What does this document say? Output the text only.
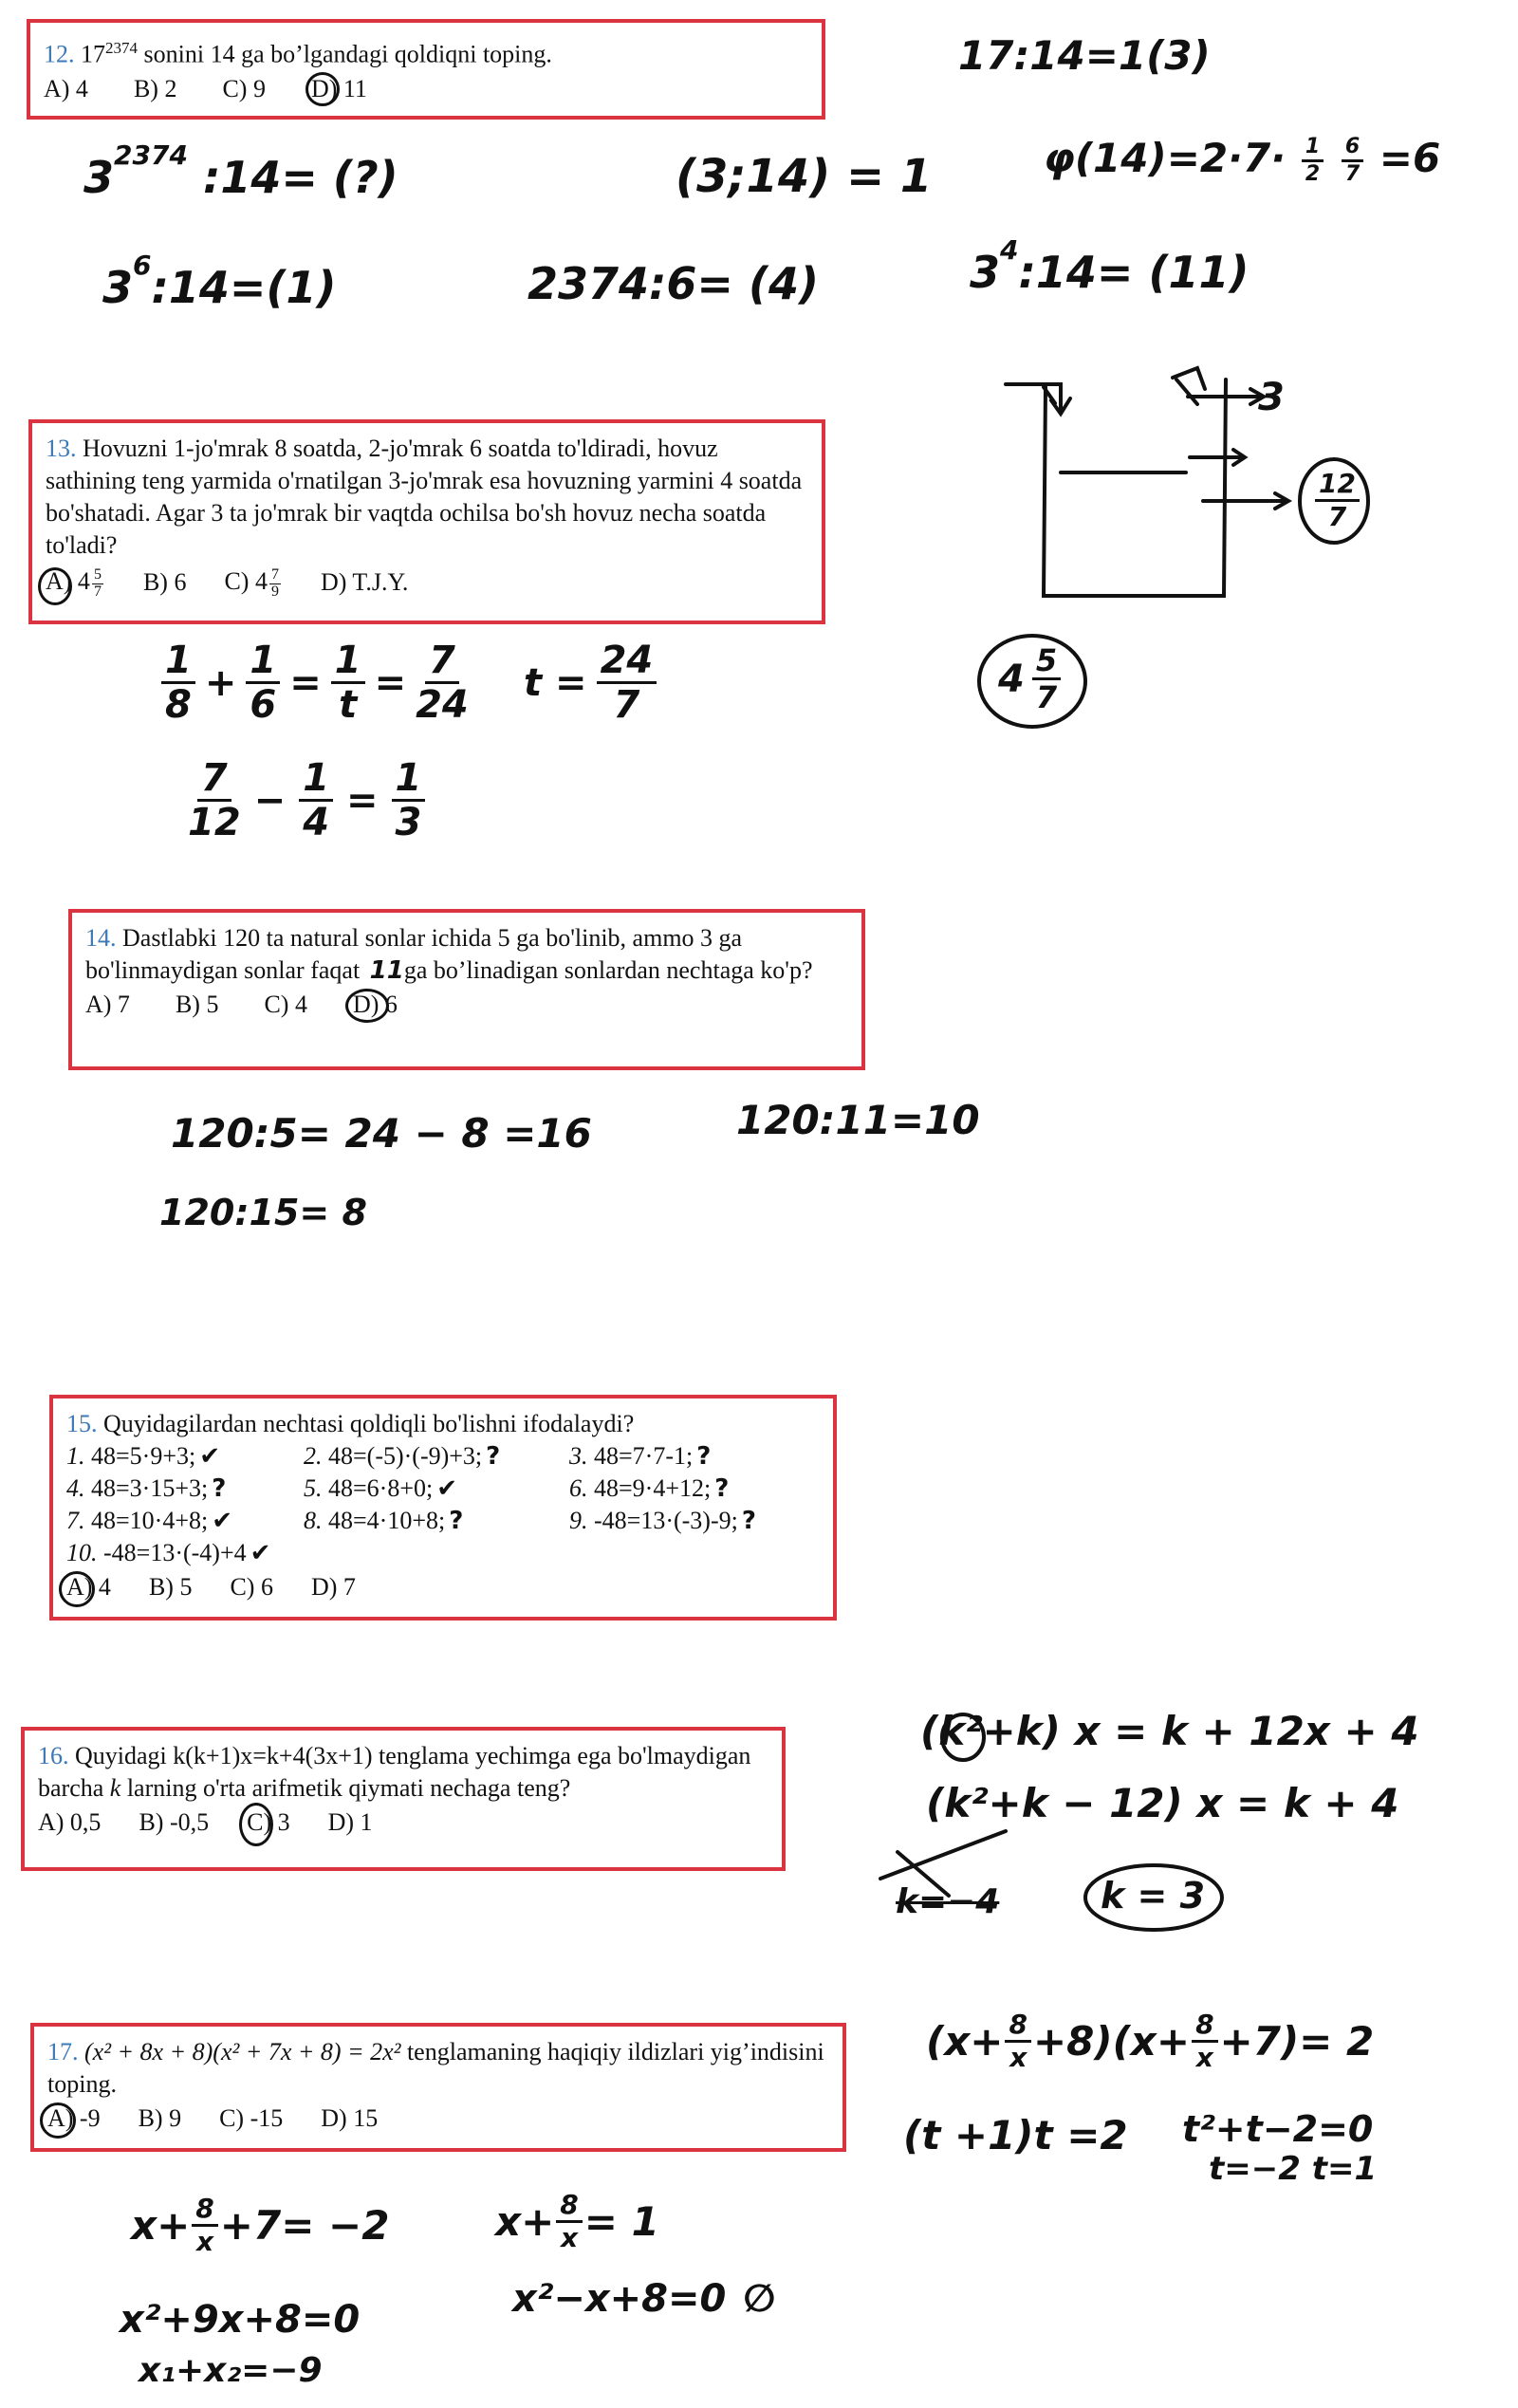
12. $17^{2374}$ sonini 14 ga bo’lgandagi qoldiqni toping.
A) 4 B) 2 C) 9 D) 11
17:14=1(3)
$3^{2374}$ :14= (?)	(3;14) = 1	$\varphi(14)=2\cdot 7\cdot \frac{1}{2}$
$\frac{6}{7} =6$
$3^6:14=(1)$	2374:6= (4)	$3^4:14= (11)$
13. Hovuzni 1-jo'mrak 8 soatda, 2-jo'mrak 6 soatda to'ldiradi, hovuz sathining teng yarmida o'rnatilgan 3-jo'mrak esa hovuzning yarmini 4 soatda bo'shatadi. Agar 3 ta jo'mrak bir vaqtda ochilsa bo'sh hovuz necha soatda to'ladi?
A) $4 \frac{5}{7} B$) 6 C) $4 \frac{7}{9} D$) T.J.Y.
$\frac{1}{8} + \frac{1}{6} = \frac{1}{t} = \frac{7}{24}$ $t = \frac{24}{7}$
$\frac{7}{12} - \frac{1}{4} = \frac{1}{3}$
3
$\frac{12}{7}$
$4 \frac{5}{7}$
14. Dastlabki 120 ta natural sonlar ichida 5 ga bo'linib, ammo 3 ga bo'linmaydigan sonlar faqat 11ga bo’linadigan sonlardan nechtaga ko'p?
A) 7 B) 5 C) 4 D) 6
120:5= 24 − 8 =16	120:11=10
120:15= 8
15. Quyidagilardan nechtasi qoldiqli bo'lishni ifodalaydi?
1. 48=5·9+3; ✔	2. 48=(-5)·(-9)+3; ?	3. 48=7·7-1; ?
4. 48=3·15+3; ?	5. 48=6·8+0; ✔	6. 48=9·4+12; ?
7. 48=10·4+8; ✔	8. 48=4·10+8; ?	9. -48=13·(-3)-9; ?
10. -48=13·(-4)+4 ✔
A) 4 B) 5 C) 6 D) 7
16. Quyidagi k(k+1)x=k+4(3x+1) tenglama yechimga ega bo'lmaydigan barcha k larning o'rta arifmetik qiymati nechaga teng?
A) 0,5 B) -0,5 C) 3 D) 1
(k²+k) x = k + 12x + 4
(k²+k − 12) x = k + 4
k=−4	k = 3
17. (x² + 8x + 8)(x² + 7x + 8) = 2x² tenglamaning haqiqiy ildizlari yig’indisini toping.
A) -9 B) 9 C) -15 D) 15
$(x+ \frac{8}{x} +8)(x+ \frac{8}{x} +7)= 2$
(t +1)t =2 t²+t−2=0
t=−2 t=1
$x+ \frac{8}{x} +7= -2$	$x+ \frac{8}{x} = 1$
x²+9x+8=0	x²−x+8=0 ∅
x₁+x₂=−9
